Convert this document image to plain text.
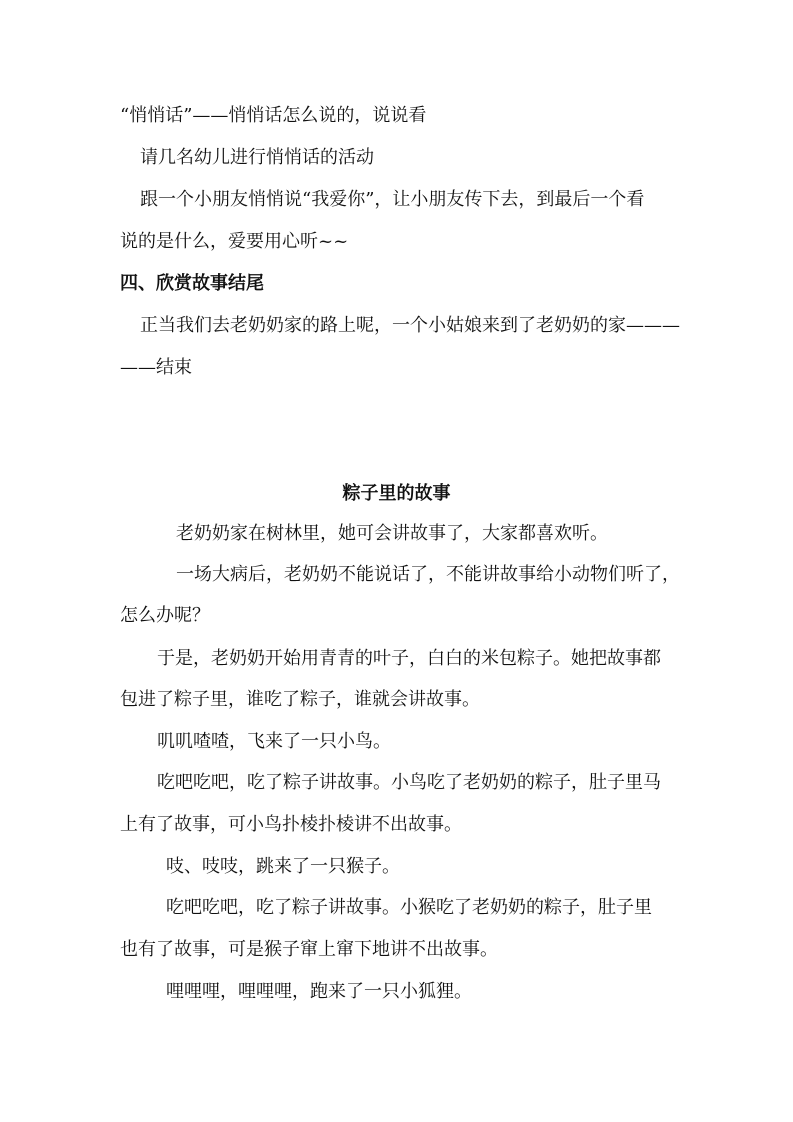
“悄悄话”——悄悄话怎么说的，说说看

请几名幼儿进行悄悄话的活动

跟一个小朋友悄悄说“我爱你”，让小朋友传下去，到最后一个看

说的是什么，爱要用心听~~

四、欣赏故事结尾

正当我们去老奶奶家的路上呢，一个小姑娘来到了老奶奶的家———

——结束

粽子里的故事

老奶奶家在树林里，她可会讲故事了，大家都喜欢听。

一场大病后，老奶奶不能说话了，不能讲故事给小动物们听了，

怎么办呢？

于是，老奶奶开始用青青的叶子，白白的米包粽子。她把故事都

包进了粽子里，谁吃了粽子，谁就会讲故事。

叽叽喳喳，飞来了一只小鸟。

吃吧吃吧，吃了粽子讲故事。小鸟吃了老奶奶的粽子，肚子里马

上有了故事，可小鸟扑棱扑棱讲不出故事。

吱、吱吱，跳来了一只猴子。

吃吧吃吧，吃了粽子讲故事。小猴吃了老奶奶的粽子，肚子里

也有了故事，可是猴子窜上窜下地讲不出故事。

哩哩哩，哩哩哩，跑来了一只小狐狸。
